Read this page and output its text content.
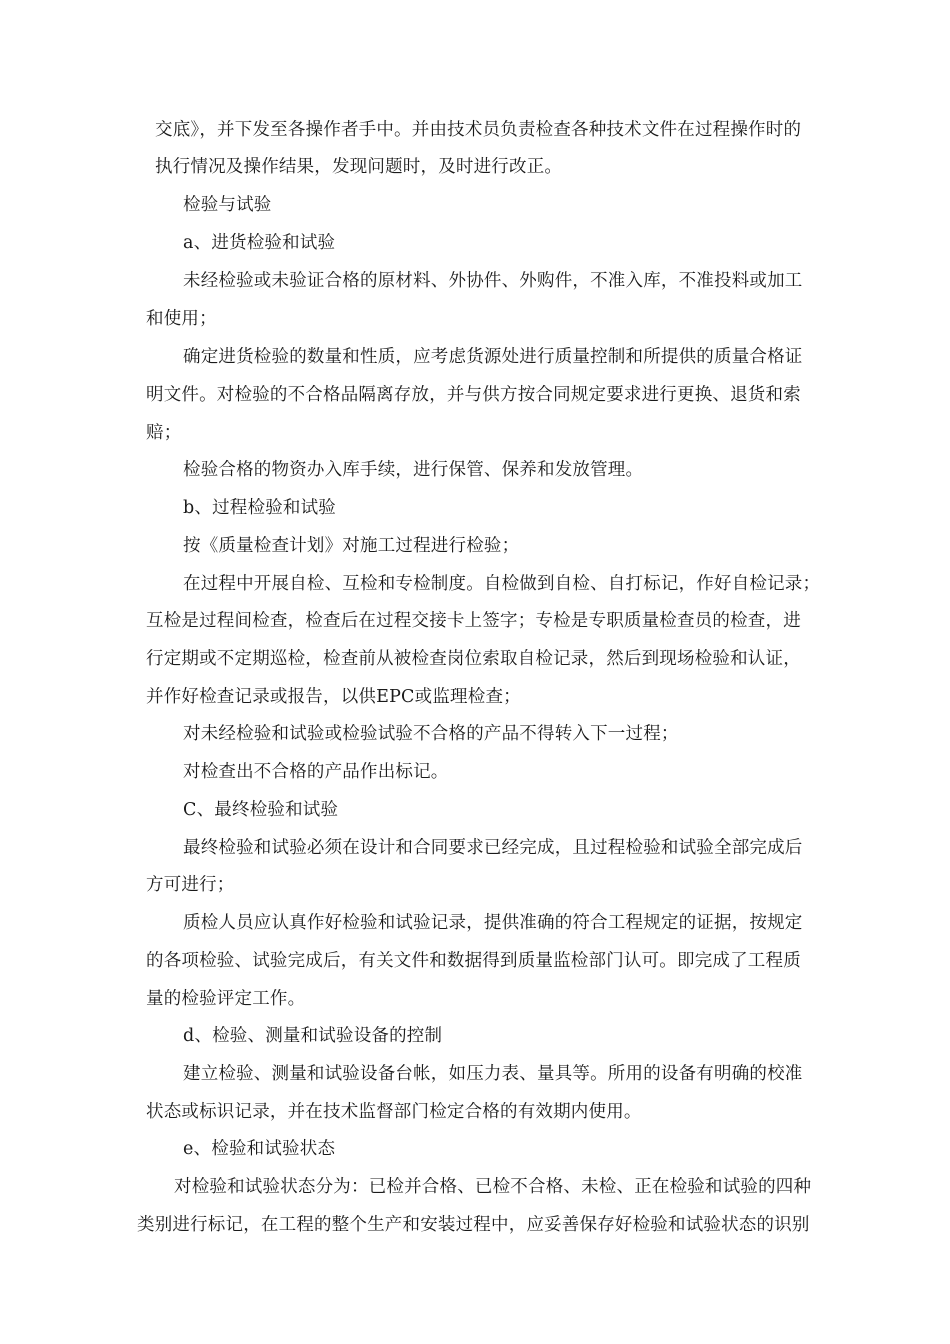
交底》，并下发至各操作者手中。并由技术员负责检查各种技术文件在过程操作时的
执行情况及操作结果，发现问题时，及时进行改正。
检验与试验
a、进货检验和试验
未经检验或未验证合格的原材料、外协件、外购件，不准入库，不准投料或加工
和使用；
确定进货检验的数量和性质，应考虑货源处进行质量控制和所提供的质量合格证
明文件。对检验的不合格品隔离存放，并与供方按合同规定要求进行更换、退货和索
赔；
检验合格的物资办入库手续，进行保管、保养和发放管理。
b、过程检验和试验
按《质量检查计划》对施工过程进行检验；
在过程中开展自检、互检和专检制度。自检做到自检、自打标记，作好自检记录；
互检是过程间检查，检查后在过程交接卡上签字；专检是专职质量检查员的检查，进
行定期或不定期巡检，检查前从被检查岗位索取自检记录，然后到现场检验和认证，
并作好检查记录或报告，以供EPC或监理检查；
对未经检验和试验或检验试验不合格的产品不得转入下一过程；
对检查出不合格的产品作出标记。
C、最终检验和试验
最终检验和试验必须在设计和合同要求已经完成，且过程检验和试验全部完成后
方可进行；
质检人员应认真作好检验和试验记录，提供准确的符合工程规定的证据，按规定
的各项检验、试验完成后，有关文件和数据得到质量监检部门认可。即完成了工程质
量的检验评定工作。
d、检验、测量和试验设备的控制
建立检验、测量和试验设备台帐，如压力表、量具等。所用的设备有明确的校准
状态或标识记录，并在技术监督部门检定合格的有效期内使用。
e、检验和试验状态
对检验和试验状态分为：已检并合格、已检不合格、未检、正在检验和试验的四种
类别进行标记，在工程的整个生产和安装过程中，应妥善保存好检验和试验状态的识别
